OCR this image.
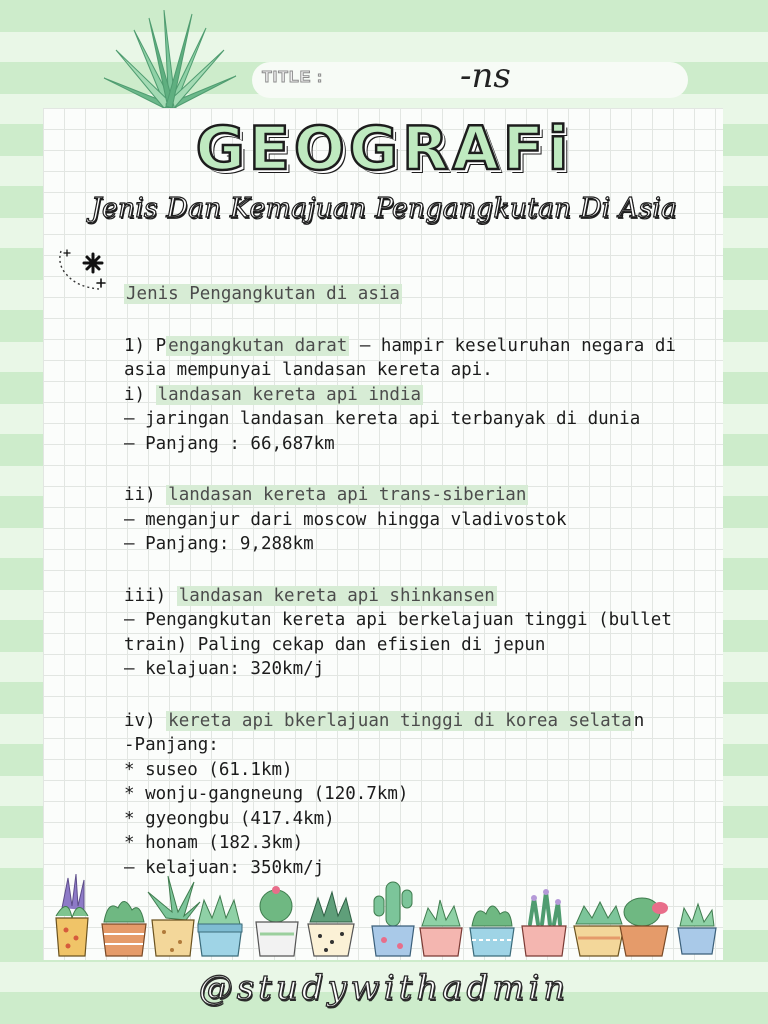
TITLE :	-ns
GEOGRAFi
Jenis Dan Kemajuan Pengangkutan Di Asia
Jenis Pengangkutan di asia
1) P engangkutan darat — hampir keseluruhan negara di
asia mempunyai landasan kereta api.
i) landasan kereta api india
— jaringan landasan kereta api terbanyak di dunia
— Panjang : 66,687km
ii) landasan kereta api trans-siberian
— menganjur dari moscow hingga vladivostok
— Panjang: 9,288km
iii) landasan kereta api shinkansen
— Pengangkutan kereta api berkelajuan tinggi (bullet
train) Paling cekap dan efisien di jepun
— kelajuan: 320km/j
iv) kereta api bkerlajuan tinggi di korea selata n
-Panjang:
* suseo (61.1km)
* wonju-gangneung (120.7km)
* gyeongbu (417.4km)
* honam (182.3km)
— kelajuan: 350km/j
@studywithadmin
